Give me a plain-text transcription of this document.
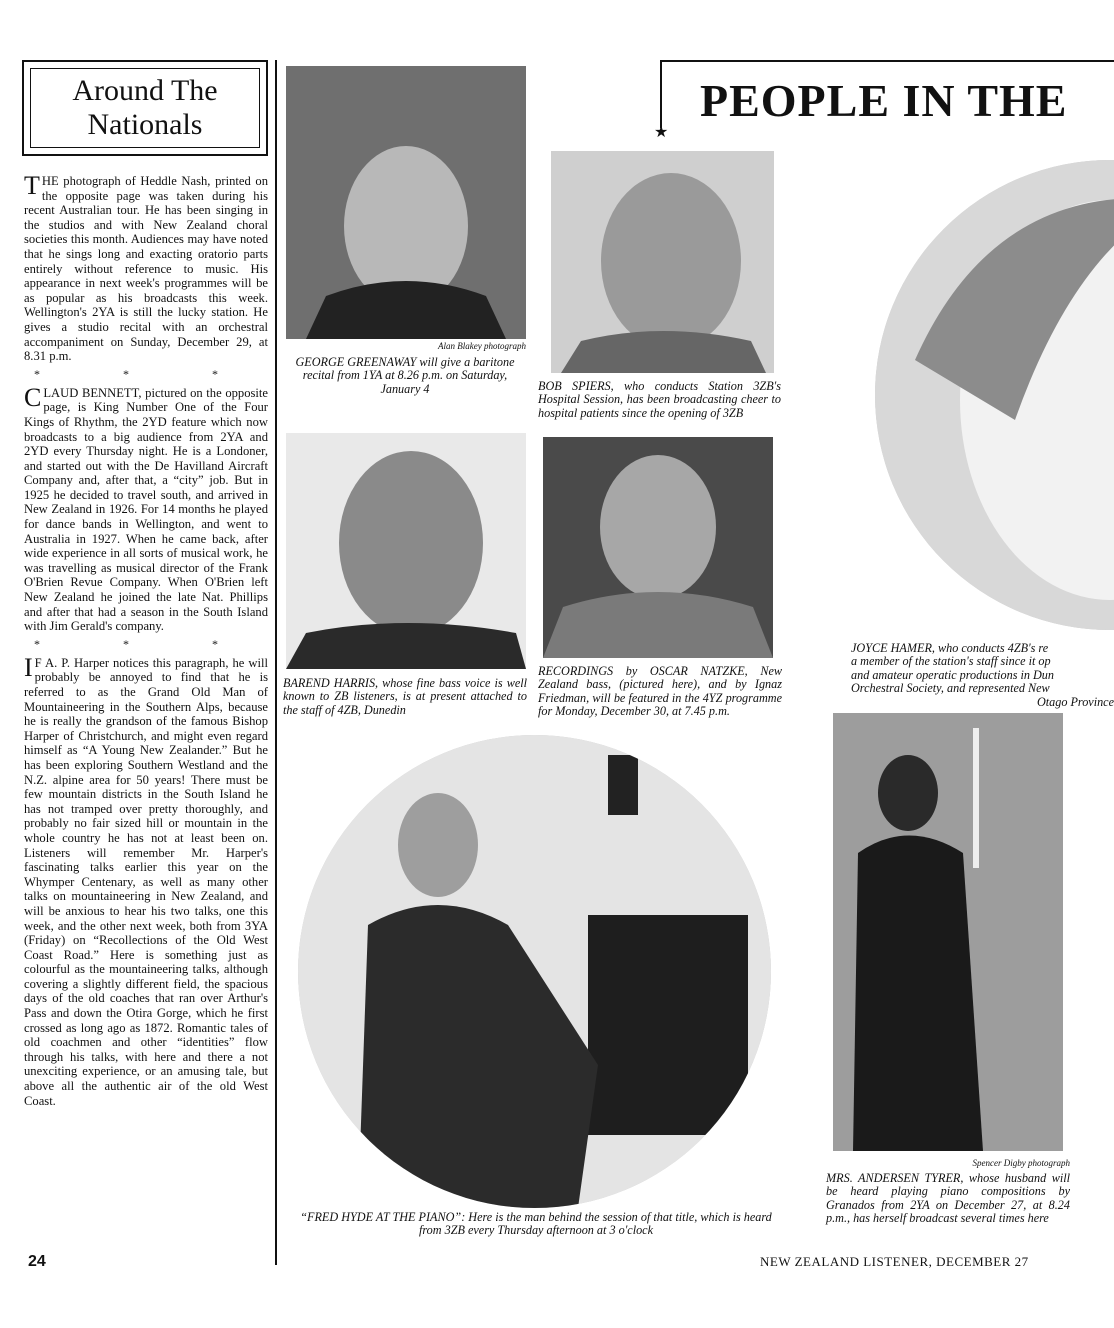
Around The
Nationals

T HE photograph of Heddle Nash, printed on the opposite page was taken during his recent Australian tour. He has been singing in the studios and with New Zealand choral societies this month. Audiences may have noted that he sings long and exacting oratorio parts entirely without reference to music. His appearance in next week's programmes will be as popular as his broadcasts this week. Wellington's 2YA is still the lucky station. He gives a studio recital with an orchestral accompaniment on Sunday, December 29, at 8.31 p.m.

* * *

C LAUD BENNETT, pictured on the opposite page, is King Number One of the Four Kings of Rhythm, the 2YD feature which now broadcasts to a big audience from 2YA and 2YD every Thursday night. He is a Londoner, and started out with the De Havilland Aircraft Company and, after that, a “city” job. But in 1925 he decided to travel south, and arrived in New Zealand in 1926. For 14 months he played for dance bands in Wellington, and went to Australia in 1927. When he came back, after wide experience in all sorts of musical work, he was travelling as musical director of the Frank O'Brien Revue Company. When O'Brien left New Zealand he joined the late Nat. Phillips and after that had a season in the South Island with Jim Gerald's company.

* * *

I F A. P. Harper notices this paragraph, he will probably be annoyed to find that he is referred to as the Grand Old Man of Mountaineering in the Southern Alps, because he is really the grandson of the famous Bishop Harper of Christchurch, and might even regard himself as “A Young New Zealander.” But he has been exploring Southern Westland and the N.Z. alpine area for 50 years! There must be few mountain districts in the South Island he has not tramped over pretty thoroughly, and probably no fair sized hill or mountain in the whole country he has not at least been on. Listeners will remember Mr. Harper's fascinating talks earlier this year on the Whymper Centenary, as well as many other talks on mountaineering in New Zealand, and will be anxious to hear his two talks, one this week, and the other next week, both from 3YA (Friday) on “Recollections of the Old West Coast Road.” Here is something just as colourful as the mountaineering talks, although covering a slightly different field, the spacious days of the old coaches that ran over Arthur's Pass and down the Otira Gorge, which he first crossed as long ago as 1872. Romantic tales of old coachmen and other “identities” flow through his talks, with here and there a not unexciting experience, or an amusing tale, but above all the authentic air of the old West Coast.

Alan Blakey photograph
GEORGE GREENAWAY will give a baritone recital from 1YA at 8.26 p.m. on Saturday, January 4	BOB SPIERS, who conducts Station 3ZB's Hospital Session, has been broadcasting cheer to hospital patients since the opening of 3ZB
BAREND HARRIS, whose fine bass voice is well known to ZB listeners, is at present attached to the staff of 4ZB, Dunedin
RECORDINGS by OSCAR NATZKE, New Zealand bass, (pictured here), and by Ignaz Friedman, will be featured in the 4YZ programme for Monday, December 30, at 7.45 p.m.
★
PEOPLE IN THE
JOYCE HAMER, who conducts 4ZB's re
a member of the station's staff since it op
and amateur operatic productions in Dun
Orchestral Society, and represented New
Otago Province
“FRED HYDE AT THE PIANO”: Here is the man behind the session of that title, which is heard from 3ZB every Thursday afternoon at 3 o'clock
Spencer Digby photograph
MRS. ANDERSEN TYRER, whose husband will be heard playing piano compositions by Granados from 2YA on December 27, at 8.24 p.m., has herself broadcast several times here
24	NEW ZEALAND LISTENER, DECEMBER 27
